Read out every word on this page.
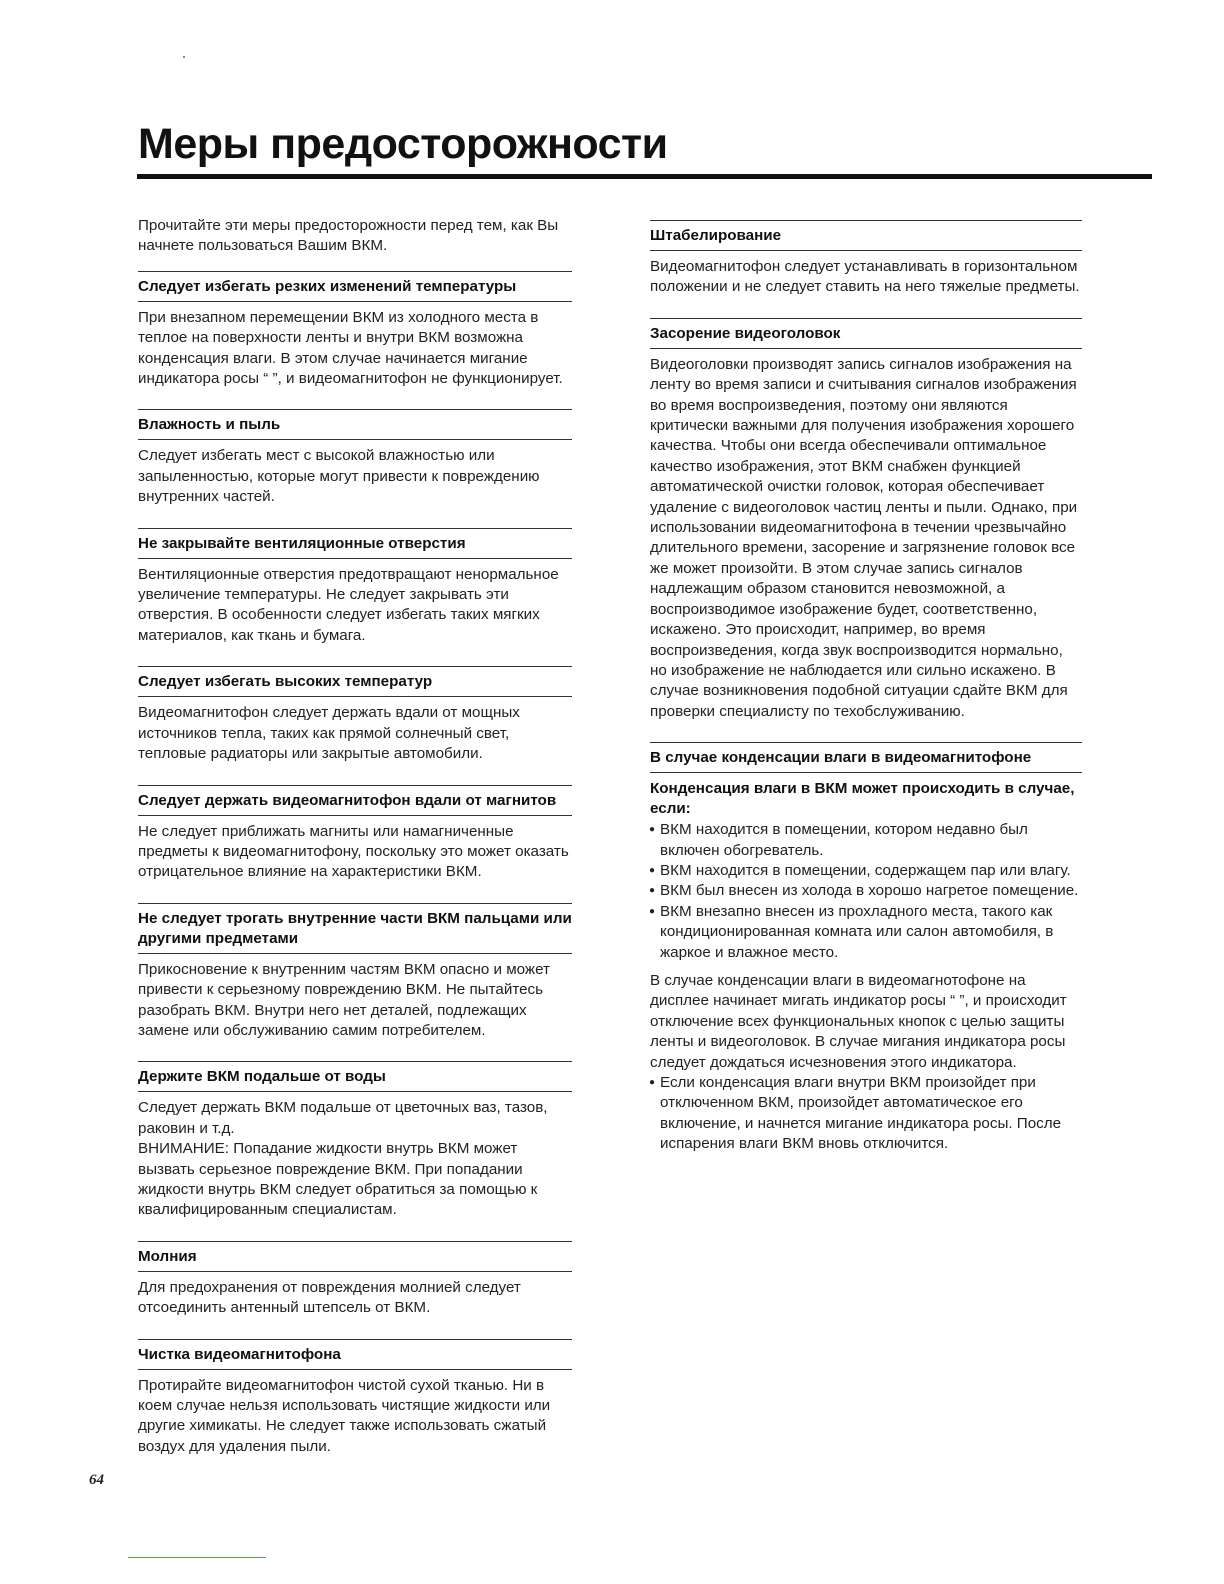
Меры предосторожности

Прочитайте эти меры предосторожности перед тем, как Вы начнете пользоваться Вашим ВКМ.

Следует избегать резких изменений температуры

При внезапном перемещении ВКМ из холодного места в теплое на поверхности ленты и внутри ВКМ возможна конденсация влаги. В этом случае начинается мигание индикатора росы “ ”, и видеомагнитофон не функционирует.

Влажность и пыль

Следует избегать мест с высокой влажностью или запыленностью, которые могут привести к повреждению внутренних частей.

Не закрывайте вентиляционные отверстия

Вентиляционные отверстия предотвращают ненормальное увеличение температуры. Не следует закрывать эти отверстия. В особенности следует избегать таких мягких материалов, как ткань и бумага.

Следует избегать высоких температур

Видеомагнитофон следует держать вдали от мощных источников тепла, таких как прямой солнечный свет, тепловые радиаторы или закрытые автомобили.

Следует держать видеомагнитофон вдали от магнитов

Не следует приближать магниты или намагниченные предметы к видеомагнитофону, поскольку это может оказать отрицательное влияние на характеристики ВКМ.

Не следует трогать внутренние части ВКМ пальцами или другими предметами

Прикосновение к внутренним частям ВКМ опасно и может привести к серьезному повреждению ВКМ. Не пытайтесь разобрать ВКМ. Внутри него нет деталей, подлежащих замене или обслуживанию самим потребителем.

Держите ВКМ подальше от воды

Следует держать ВКМ подальше от цветочных ваз, тазов, раковин и т.д.

ВНИМАНИЕ: Попадание жидкости внутрь ВКМ может вызвать серьезное повреждение ВКМ. При попадании жидкости внутрь ВКМ следует обратиться за помощью к квалифицированным специалистам.

Молния

Для предохранения от повреждения молнией следует отсоединить антенный штепсель от ВКМ.

Чистка видеомагнитофона

Протирайте видеомагнитофон чистой сухой тканью. Ни в коем случае нельзя использовать чистящие жидкости или другие химикаты. Не следует также использовать сжатый воздух для удаления пыли.

Штабелирование

Видеомагнитофон следует устанавливать в горизонтальном положении и не следует ставить на него тяжелые предметы.

Засорение видеоголовок

Видеоголовки производят запись сигналов изображения на ленту во время записи и считывания сигналов изображения во время воспроизведения, поэтому они являются критически важными для получения изображения хорошего качества. Чтобы они всегда обеспечивали оптимальное качество изображения, этот ВКМ снабжен функцией автоматической очистки головок, которая обеспечивает удаление с видеоголовок частиц ленты и пыли. Однако, при использовании видеомагнитофона в течении чрезвычайно длительного времени, засорение и загрязнение головок все же может произойти. В этом случае запись сигналов надлежащим образом становится невозможной, а воспроизводимое изображение будет, соответственно, искажено. Это происходит, например, во время воспроизведения, когда звук воспроизводится нормально, но изображение не наблюдается или сильно искажено. В случае возникновения подобной ситуации сдайте ВКМ для проверки специалисту по техобслуживанию.

В случае конденсации влаги в видеомагнитофоне

Конденсация влаги в ВКМ может происходить в случае, если:

● ВКМ находится в помещении, котором недавно был включен обогреватель.
● ВКМ находится в помещении, содержащем пар или влагу.
● ВКМ был внесен из холода в хорошо нагретое помещение.
● ВКМ внезапно внесен из прохладного места, такого как кондиционированная комната или салон автомобиля, в жаркое и влажное место.

В случае конденсации влаги в видеомагнотофоне на дисплее начинает мигать индикатор росы “ ”, и происходит отключение всех функциональных кнопок с целью защиты ленты и видеоголовок. В случае мигания индикатора росы следует дождаться исчезновения этого индикатора.

● Если конденсация влаги внутри ВКМ произойдет при отключенном ВКМ, произойдет автоматическое его включение, и начнется мигание индикатора росы. После испарения влаги ВКМ вновь отключится.

64
